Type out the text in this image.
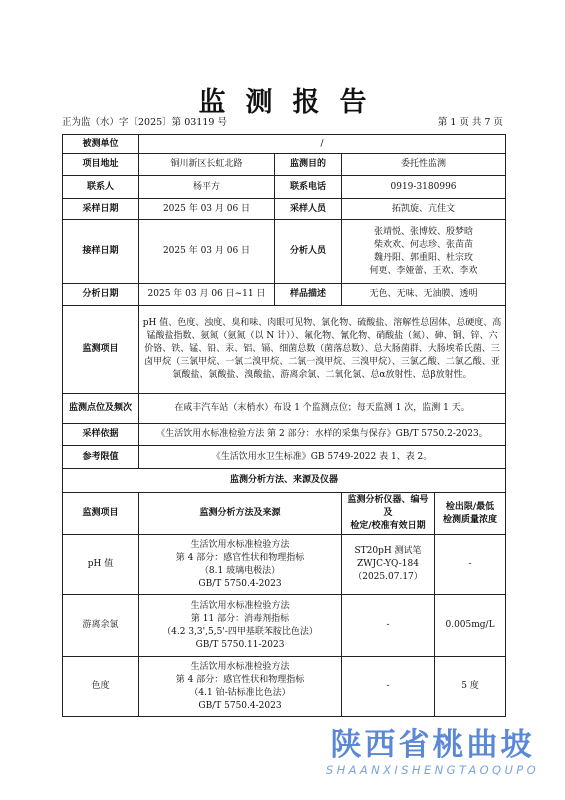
监测报告
正为监（水）字〔2025〕第 03119 号	第 1 页 共 7 页
被测单位	/			
项目地址	铜川新区长虹北路	监测目的	委托性监测	
联系人	杨平方	联系电话	0919-3180996	
采样日期	2025 年 03 月 06 日	采样人员	拓凯旋、亢佳文	
接样日期	2025 年 03 月 06 日	分析人员	张靖悦、张博姣、殷梦晗
柴欢欢、何志珍、张苗苗
魏丹阳、郭重阳、杜宗玫
何更、李娅蕾、王欢、李欢	

分析日期	2025 年 03 月 06 日~11 日	样品描述	无色、无味、无油膜、透明	
监测项目	pH 值、色度、浊度、臭和味、肉眼可见物、氯化物、硫酸盐、溶解性总固体、总硬度、高锰酸盐指数、氨氮（氨氮（以 N 计））、氟化物、氰化物、硝酸盐（氮）、砷、铜、锌、六价铬、铁、锰、铅、汞、铝、镉、细菌总数（菌落总数）、总大肠菌群、大肠埃希氏菌、三卤甲烷（三氯甲烷、一氯二溴甲烷、二氯一溴甲烷、三溴甲烷）、三氯乙酸、二氯乙酸、亚氯酸盐、氯酸盐、溴酸盐、游离余氯、二氧化氯、总α放射性、总β放射性。			
监测点位及频次	在咸丰汽车站（末梢水）布设 1 个监测点位；每天监测 1 次，监测 1 天。			
采样依据	《生活饮用水标准检验方法 第 2 部分：水样的采集与保存》GB/T 5750.2-2023。			
参考限值	《生活饮用水卫生标准》GB 5749-2022 表 1、表 2。			
监测分析方法、来源及仪器				
监测项目	监测分析方法及来源		监测分析仪器、编号及
检定/校准有效日期	检出限/最低
检测质量浓度

pH 值	生活饮用水标准检验方法
第 4 部分：感官性状和物理指标
（8.1 玻璃电极法）
GB/T 5750.4-2023		ST20pH 测试笔
ZWJC-YQ-184（2025.07.17）	-
游离余氯	生活饮用水标准检验方法
第 11 部分：消毒剂指标
（4.2 3,3',5,5'-四甲基联苯胺比色法）
GB/T 5750.11-2023		-	0.005mg/L
色度	生活饮用水标准检验方法
第 4 部分：感官性状和物理指标
（4.1 铂-钴标准比色法）
GB/T 5750.4-2023		-	5 度
陕西省桃曲坡
SHAANXISHENGTAOQUPO
